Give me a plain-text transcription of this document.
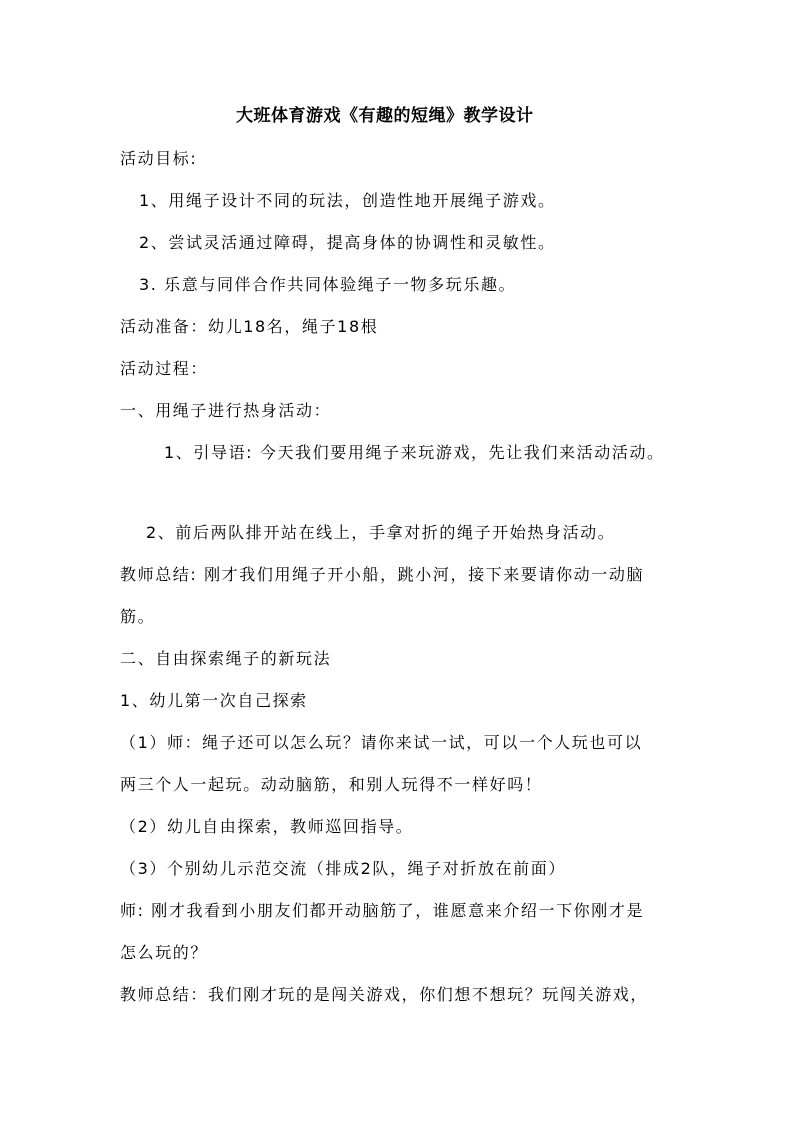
大班体育游戏《有趣的短绳》教学设计
活动目标:
1、用绳子设计不同的玩法，创造性地开展绳子游戏。
2、尝试灵活通过障碍，提高身体的协调性和灵敏性。
3. 乐意与同伴合作共同体验绳子一物多玩乐趣。
活动准备：幼儿18名，绳子18根
活动过程：
一、用绳子进行热身活动：
1、引导语: 今天我们要用绳子来玩游戏，先让我们来活动活动。
2、前后两队排开站在线上，手拿对折的绳子开始热身活动。
教师总结: 刚才我们用绳子开小船，跳小河，接下来要请你动一动脑
筋。
二、自由探索绳子的新玩法
1、幼儿第一次自己探索
（1）师：绳子还可以怎么玩？请你来试一试，可以一个人玩也可以
两三个人一起玩。动动脑筋，和别人玩得不一样好吗！
（2）幼儿自由探索，教师巡回指导。
（3）个别幼儿示范交流（排成2队，绳子对折放在前面）
师: 刚才我看到小朋友们都开动脑筋了，谁愿意来介绍一下你刚才是
怎么玩的？
教师总结：我们刚才玩的是闯关游戏，你们想不想玩？玩闯关游戏，
